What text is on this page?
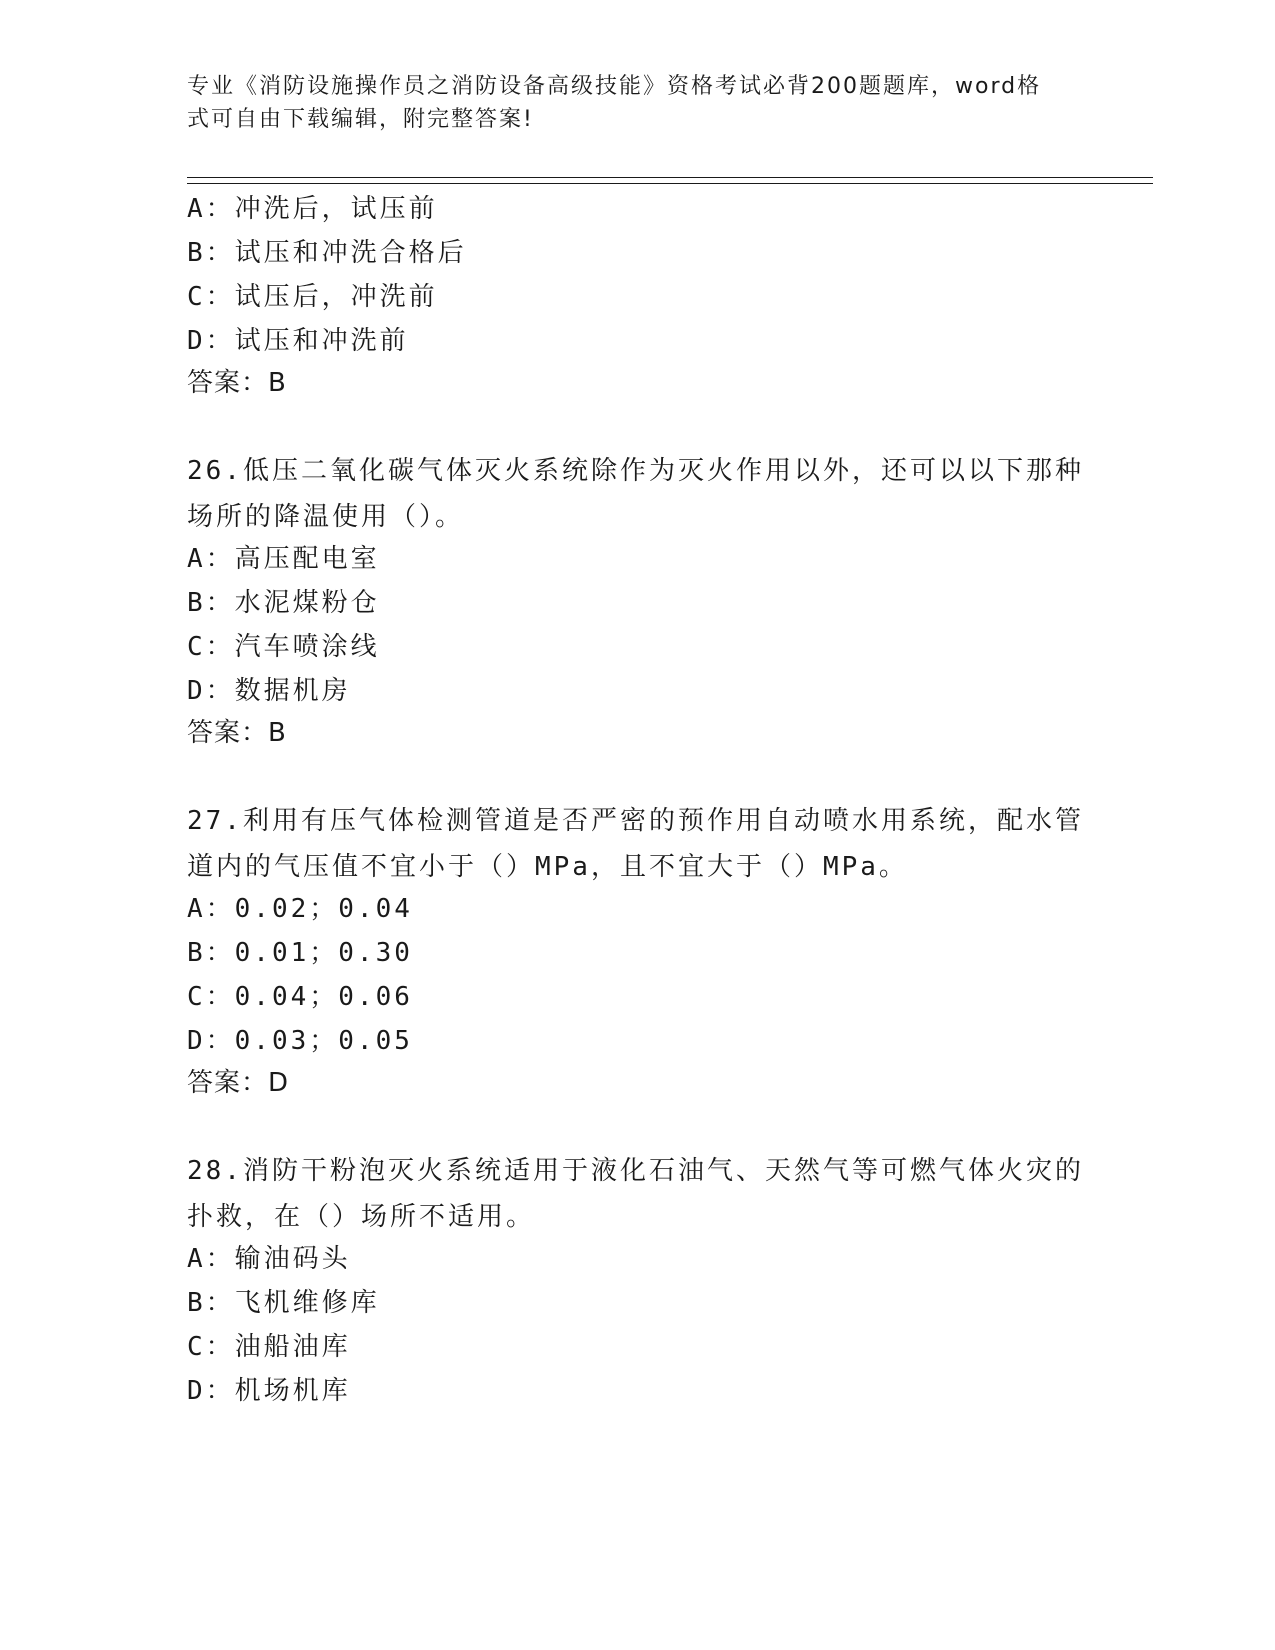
专业《消防设施操作员之消防设备高级技能》资格考试必背200题题库，word格
式可自由下载编辑，附完整答案!
A：冲洗后，试压前
B：试压和冲洗合格后
C：试压后，冲洗前
D：试压和冲洗前
答案：B
26.低压二氧化碳气体灭火系统除作为灭火作用以外，还可以以下那种
场所的降温使用（）。
A：高压配电室
B：水泥煤粉仓
C：汽车喷涂线
D：数据机房
答案：B
27.利用有压气体检测管道是否严密的预作用自动喷水用系统，配水管
道内的气压值不宜小于（）MPa，且不宜大于（）MPa。
A：0.02；0.04
B：0.01；0.30
C：0.04；0.06
D：0.03；0.05
答案：D
28.消防干粉泡灭火系统适用于液化石油气、天然气等可燃气体火灾的
扑救，在（）场所不适用。
A：输油码头
B：飞机维修库
C：油船油库
D：机场机库
